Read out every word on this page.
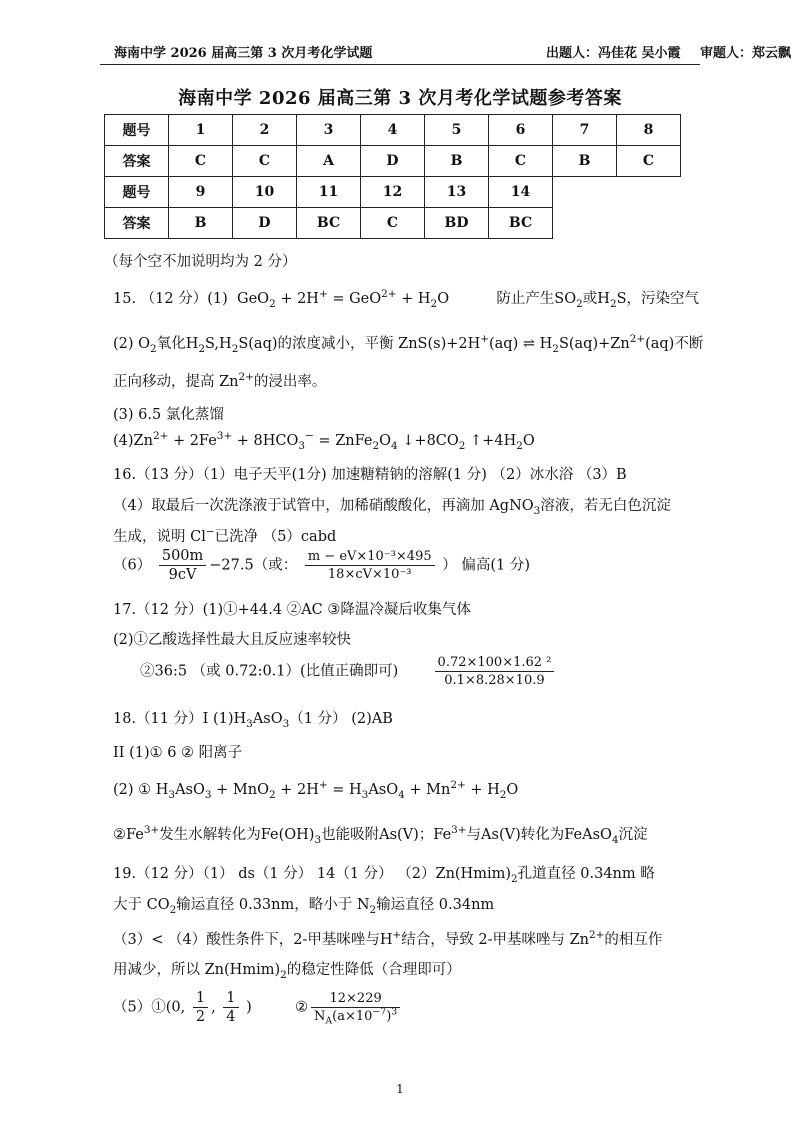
海南中学 2026 届高三第 3 次月考化学试题	出题人：冯佳花 吴小霞 审题人：郑云飘
海南中学 2026 届高三第 3 次月考化学试题参考答案
题号	1	2	3	4	5	6	7	8
答案	C	C	A	D	B	C	B	C
题号	9	10	11	12	13	14		
答案	B	D	BC	C	BD	BC		
（每个空不加说明均为 2 分）
15. （12 分）(1) $GeO_2 + 2H^+ = GeO^{2+} + H_2O$	防止产生$SO_2$或$H_2S$，污染空气
(2) $O_2$氧化$H_2S,H_2S(aq)$的浓度减小，平衡 ZnS(s)+2H+(aq) ⇌ $H_2S(aq)+Zn^{2+}(aq)$不断
正向移动，提高 $Zn^{2+}$的浸出率。
(3) 6.5 氯化蒸馏
$(4)Zn^{2+} + 2Fe^{3+} + 8HCO_3^-$ = $ZnFe_2O_4$ $↓+8CO_2$ $↑+4H_2O$
16.（13 分）（1）电子天平(1分) 加速糖精钠的溶解(1 分) （2）冰水浴 （3）B
（4）取最后一次洗涤液于试管中，加稀硝酸酸化，再滴加 AgNO$_3$溶液，若无白色沉淀
生成，说明 Cl−已洗净 （5）cabd
$(6) \frac{500m}{9cV} -27.5$（或： $\frac{\text{m − eV×10⁻³×495}}{\text{18×cV×10⁻³}}$ ） 偏高(1 分)
17.（12 分）(1)①+44.4 ②AC ③降温冷凝后收集气体
(2)①乙酸选择性最大且反应速率较快
②36:5 （或 0.72:0.1）(比值正确即可)	$\frac{\text{0.72×100×1.62 ²}}{0.1\times 8.28\times 10.9}$
18.（11 分）I $(1)H_3AsO_3(1$ 分） (2)AB
II (1)① 6 ② 阳离子
(2) ① $H_3AsO_3 + MnO_2 + 2H^+ = H_3AsO_4 + Mn^{2+} + H_2O$
$②Fe^{3+}$发生水解转化为$Fe(OH)_3$也能吸附As(V)；$Fe^{3+}$与As(V)转化为FeAsO$_4$沉淀
19.（12 分）（1） ds（1 分） 14（1 分） $(2)Zn(Hmim)_2$孔道直径 0.34nm 略
大于 $CO_2$输运直径 0.33nm，略小于 $N_2$输运直径 0.34nm
（3）< （4）酸性条件下，2-甲基咪唑与H+结合，导致 2-甲基咪唑与 $Zn^{2+}$的相互作
用减少，所以 $Zn(Hmim)_2$的稳定性降低（合理即可）
（5）①(0, $\frac{1}{2}$ , $\frac{1}{4}$ )	② $\frac{12\times 229}{N_A(a\times 10^{-7})^3}$
1
